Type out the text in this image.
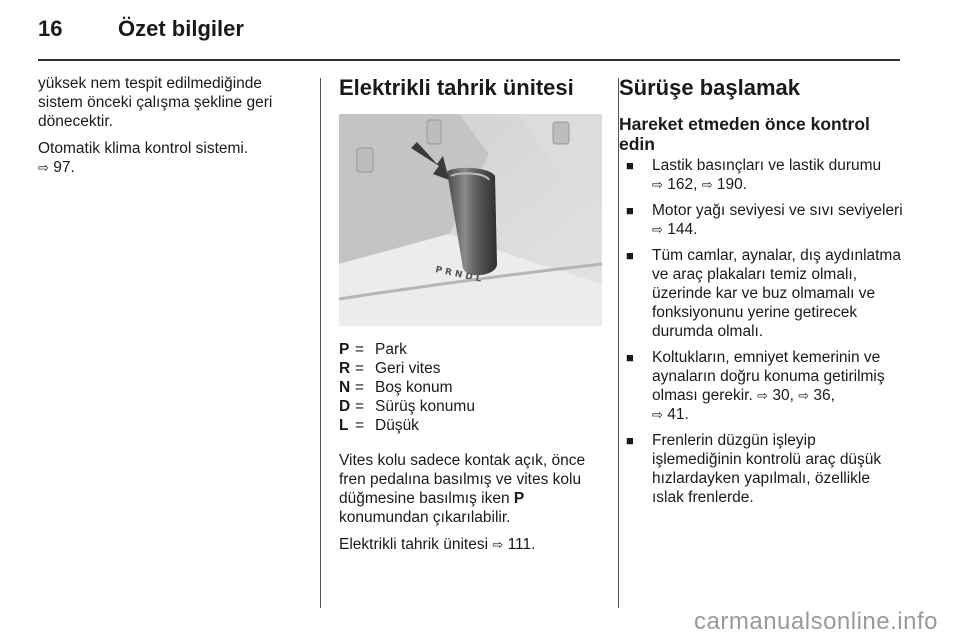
16	Özet bilgiler

yüksek nem tespit edilmediğinde sistem önceki çalışma şekline geri dönecektir.

Otomatik klima kontrol sistemi.
⇨ 97.

Elektrikli tahrik ünitesi
P R N D L
P = Park
R = Geri vites
N = Boş konum
D = Sürüş konumu
L = Düşük

Vites kolu sadece kontak açık, önce fren pedalına basılmış ve vites kolu düğmesine basılmış iken P konumundan çıkarılabilir.

Elektrikli tahrik ünitesi ⇨ 111.

Sürüşe başlamak
Hareket etmeden önce kontrol edin
■ Lastik basınçları ve lastik durumu
⇨ 162, ⇨ 190.
■ Motor yağı seviyesi ve sıvı seviyeleri ⇨ 144.
■ Tüm camlar, aynalar, dış aydınlatma ve araç plakaları temiz olmalı, üzerinde kar ve buz olmamalı ve fonksiyonunu yerine getirecek durumda olmalı.
■ Koltukların, emniyet kemerinin ve aynaların doğru konuma getirilmiş olması gerekir. ⇨ 30, ⇨ 36,
⇨ 41.
■ Frenlerin düzgün işleyip işlemediğinin kontrolü araç düşük hızlardayken yapılmalı, özellikle ıslak frenlerde.
carmanualsonline.info
